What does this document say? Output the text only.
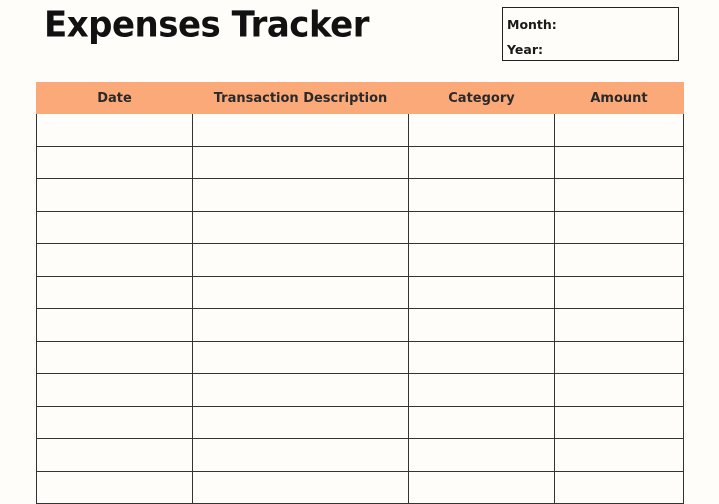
Expenses Tracker	Month:
Year:
Date	Transaction Description	Category	Amount
